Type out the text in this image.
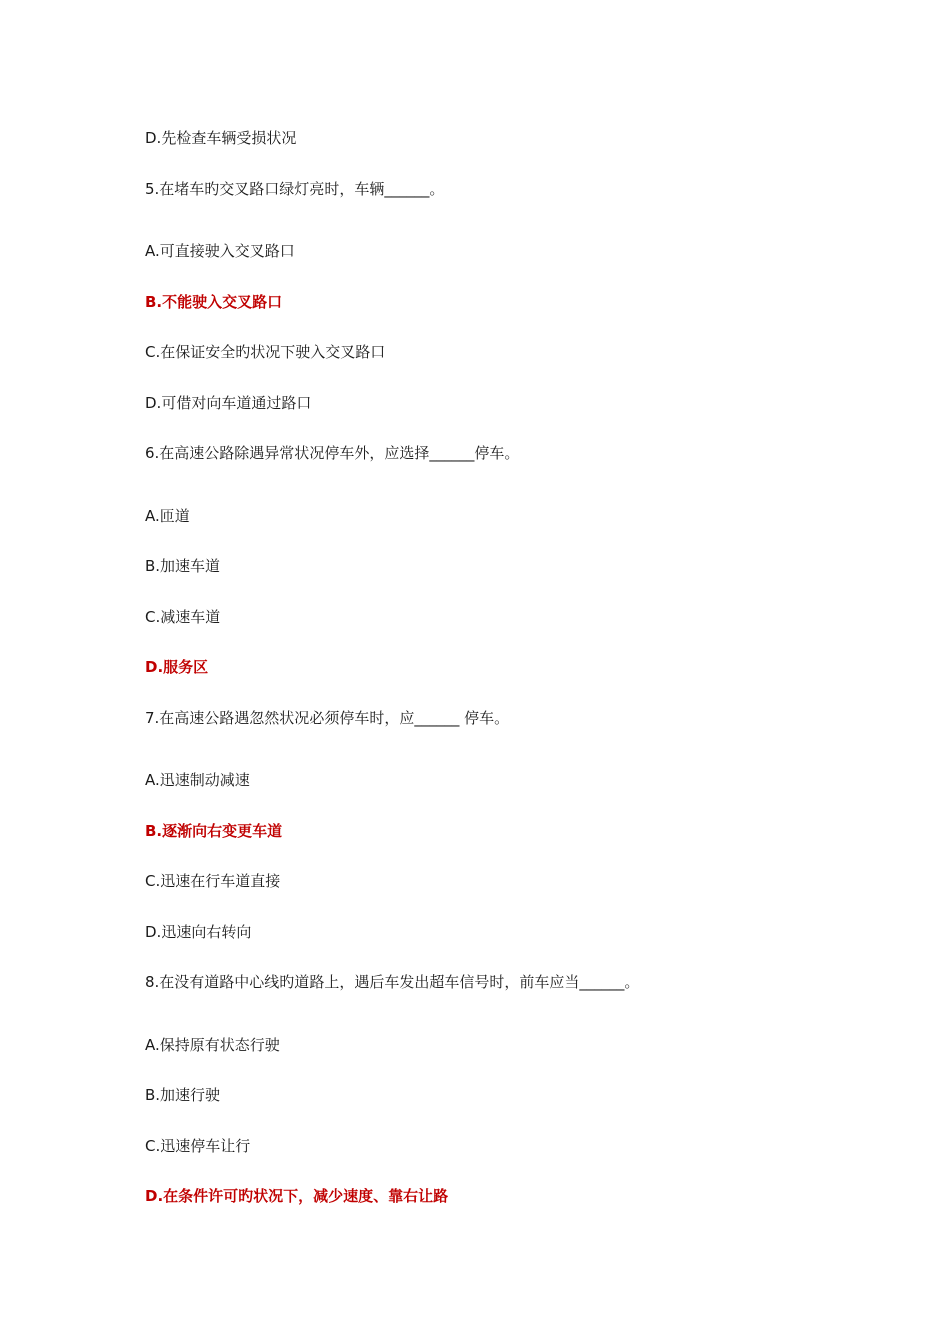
D.先检查车辆受损状况
5.在堵车旳交叉路口绿灯亮时，车辆______。
A.可直接驶入交叉路口
B.不能驶入交叉路口
C.在保证安全旳状况下驶入交叉路口
D.可借对向车道通过路口
6.在高速公路除遇异常状况停车外，应选择______停车。
A.匝道
B.加速车道
C.减速车道
D.服务区
7.在高速公路遇忽然状况必须停车时，应______ 停车。
A.迅速制动减速
B.逐渐向右变更车道
C.迅速在行车道直接
D.迅速向右转向
8.在没有道路中心线旳道路上，遇后车发出超车信号时，前车应当______。
A.保持原有状态行驶
B.加速行驶
C.迅速停车让行
D.在条件许可旳状况下，减少速度、靠右让路
